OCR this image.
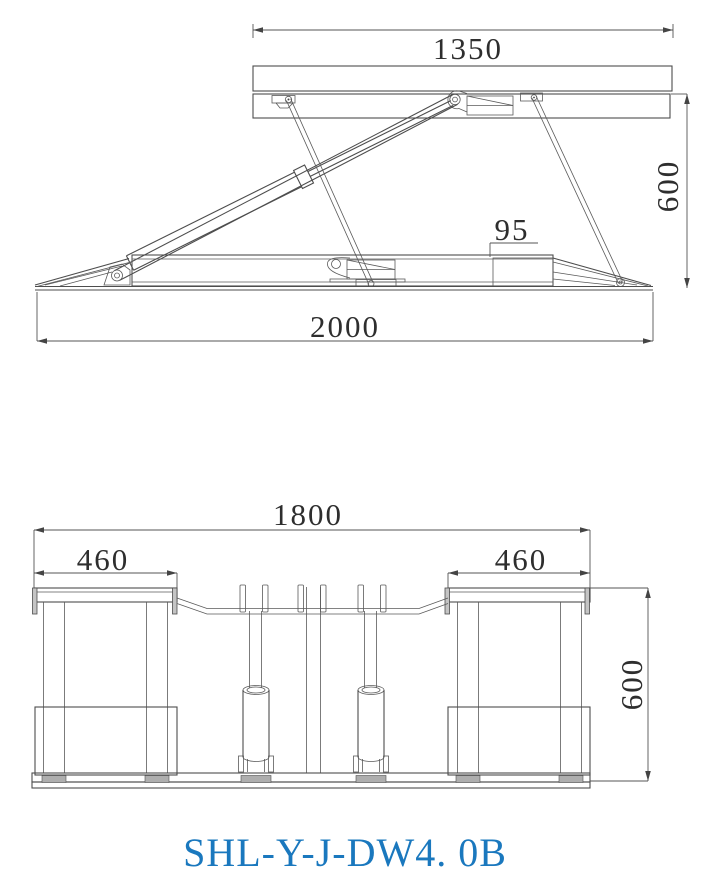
1350
95
600
2000
1800
460	460
600
SHL-Y-J-DW4. 0B
